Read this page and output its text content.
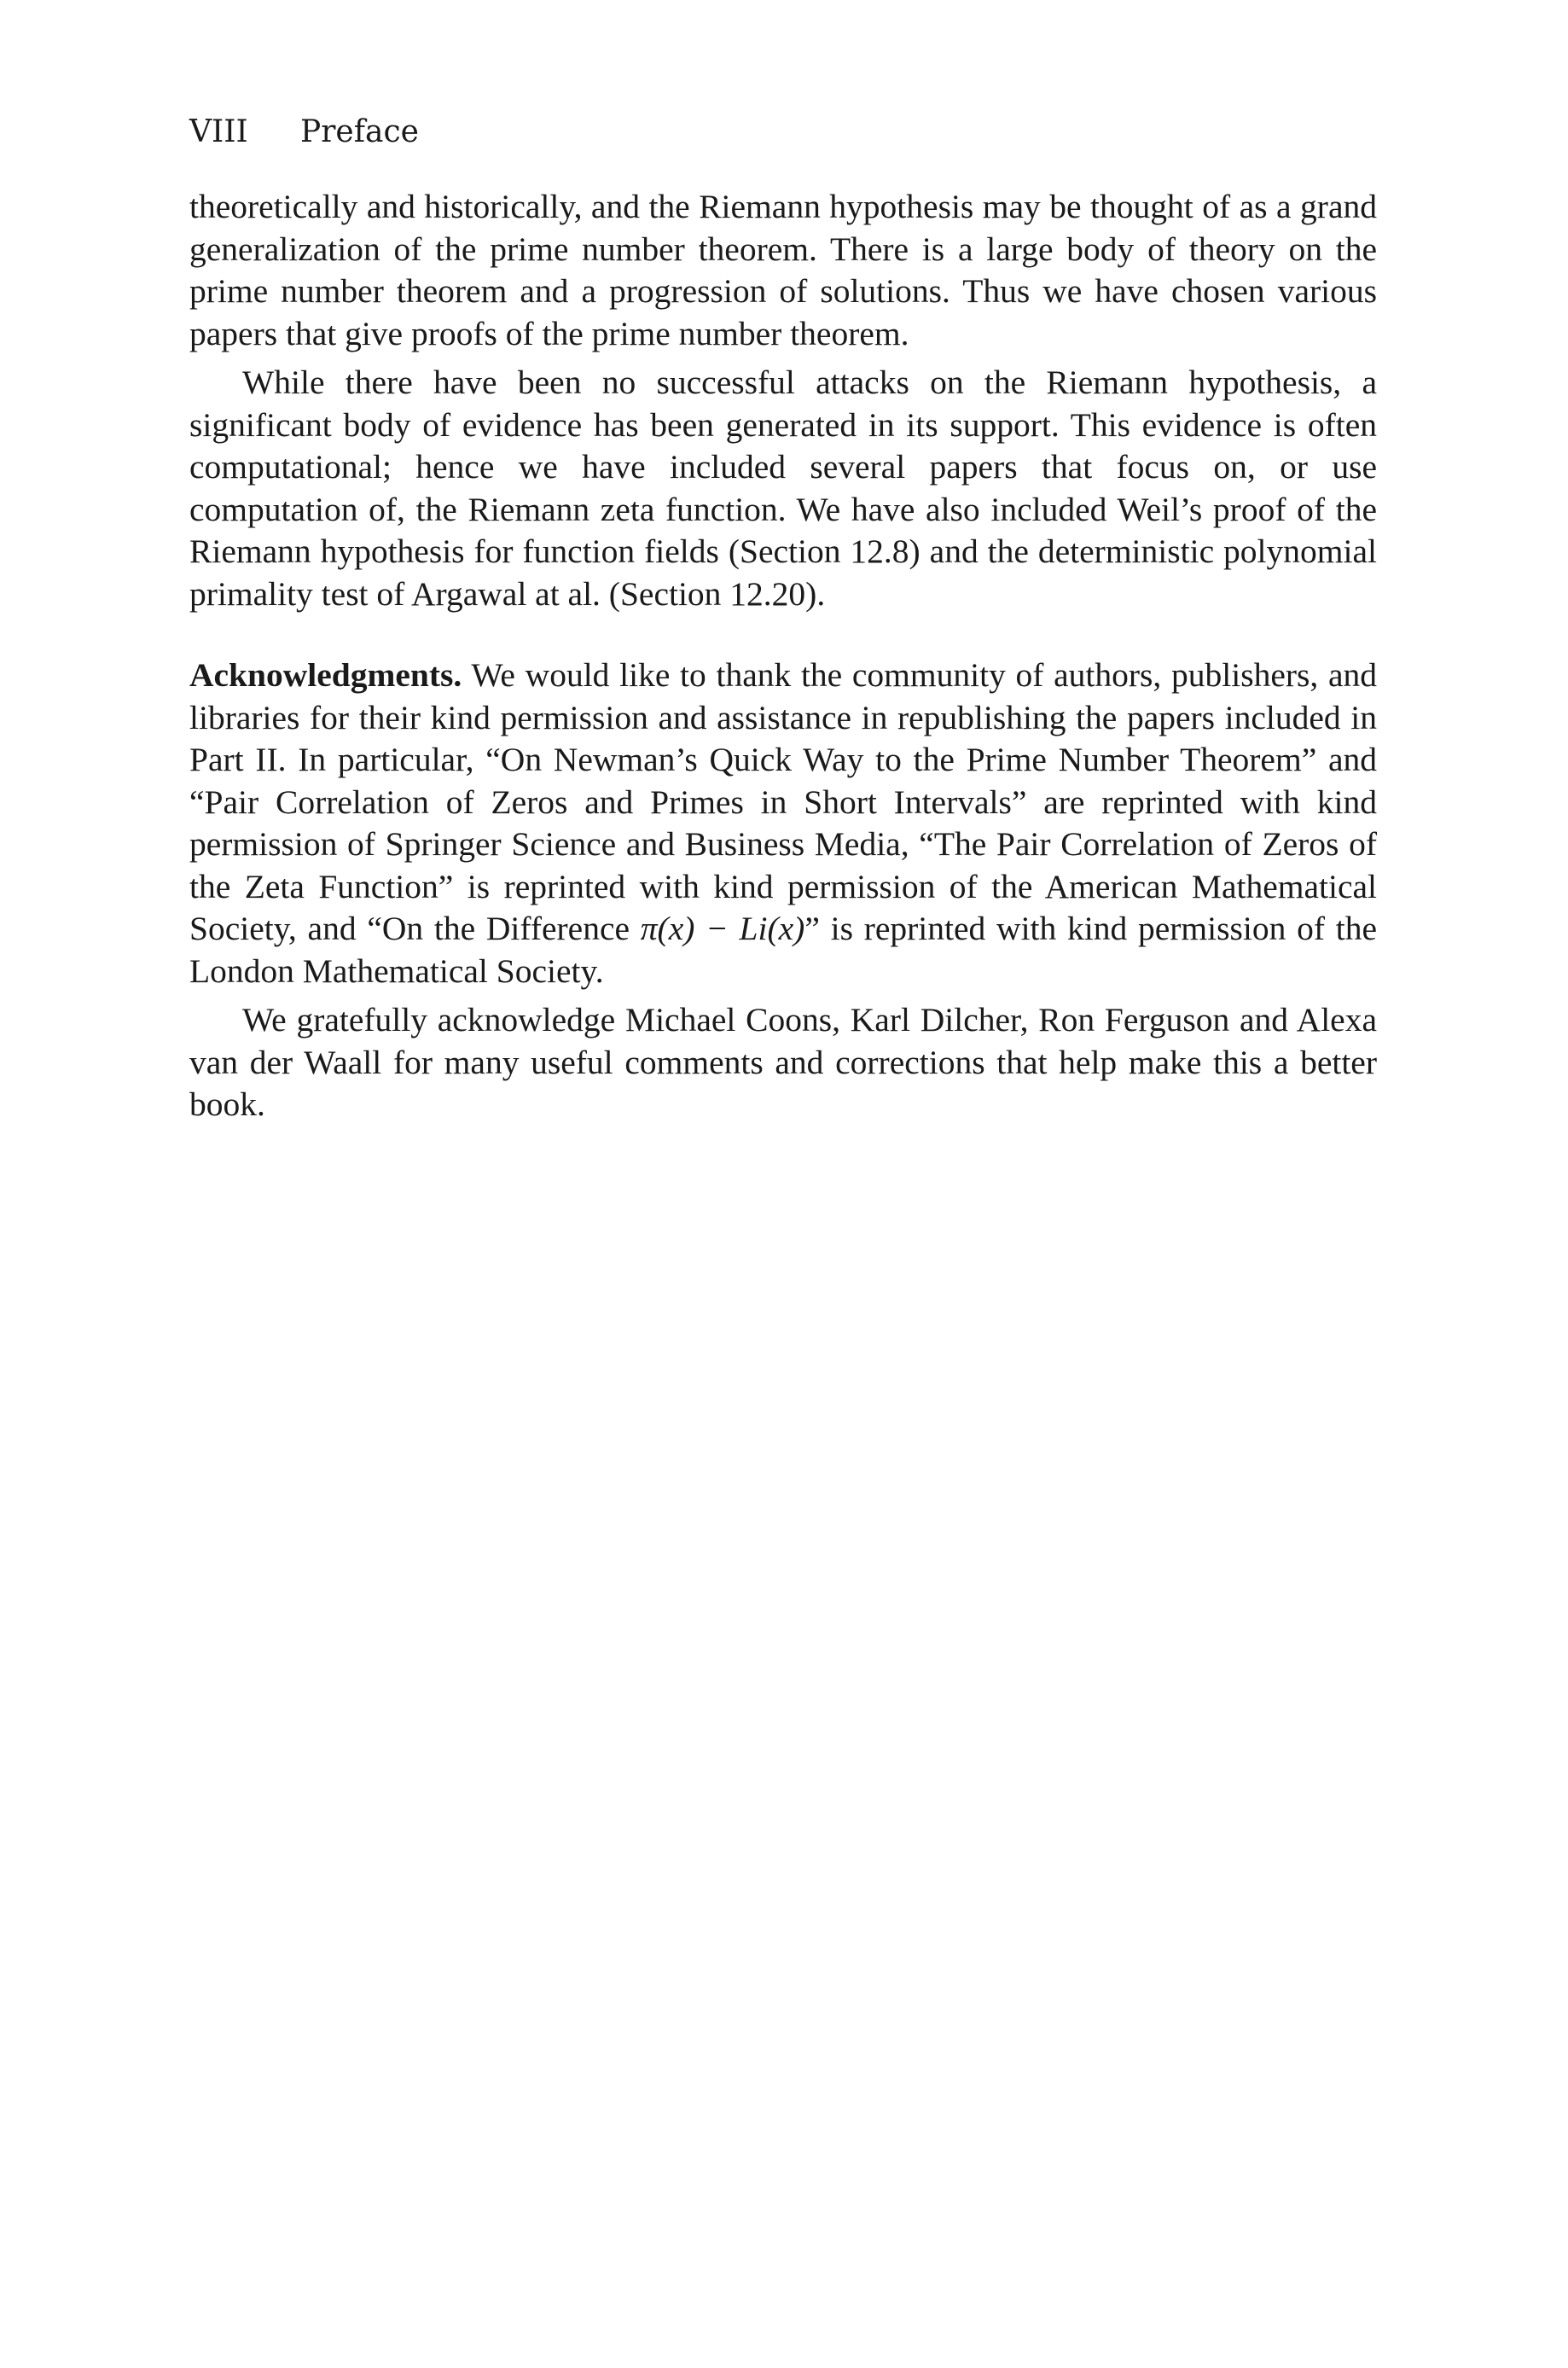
VIII Preface

theoretically and historically, and the Riemann hypothesis may be thought of as a grand generalization of the prime number theorem. There is a large body of theory on the prime number theorem and a progression of solutions. Thus we have chosen various papers that give proofs of the prime number theorem.

While there have been no successful attacks on the Riemann hypothesis, a significant body of evidence has been generated in its support. This evidence is often computational; hence we have included several papers that focus on, or use computation of, the Riemann zeta function. We have also included Weil’s proof of the Riemann hypothesis for function fields (Section 12.8) and the deterministic polynomial primality test of Argawal at al. (Section 12.20).

Acknowledgments. We would like to thank the community of authors, publishers, and libraries for their kind permission and assistance in republishing the papers included in Part II. In particular, “On Newman’s Quick Way to the Prime Number Theorem” and “Pair Correlation of Zeros and Primes in Short Intervals” are reprinted with kind permission of Springer Science and Business Media, “The Pair Correlation of Zeros of the Zeta Function” is reprinted with kind permission of the American Mathematical Society, and “On the Difference π(x) − Li(x)” is reprinted with kind permission of the London Mathematical Society.

We gratefully acknowledge Michael Coons, Karl Dilcher, Ron Ferguson and Alexa van der Waall for many useful comments and corrections that help make this a better book.
